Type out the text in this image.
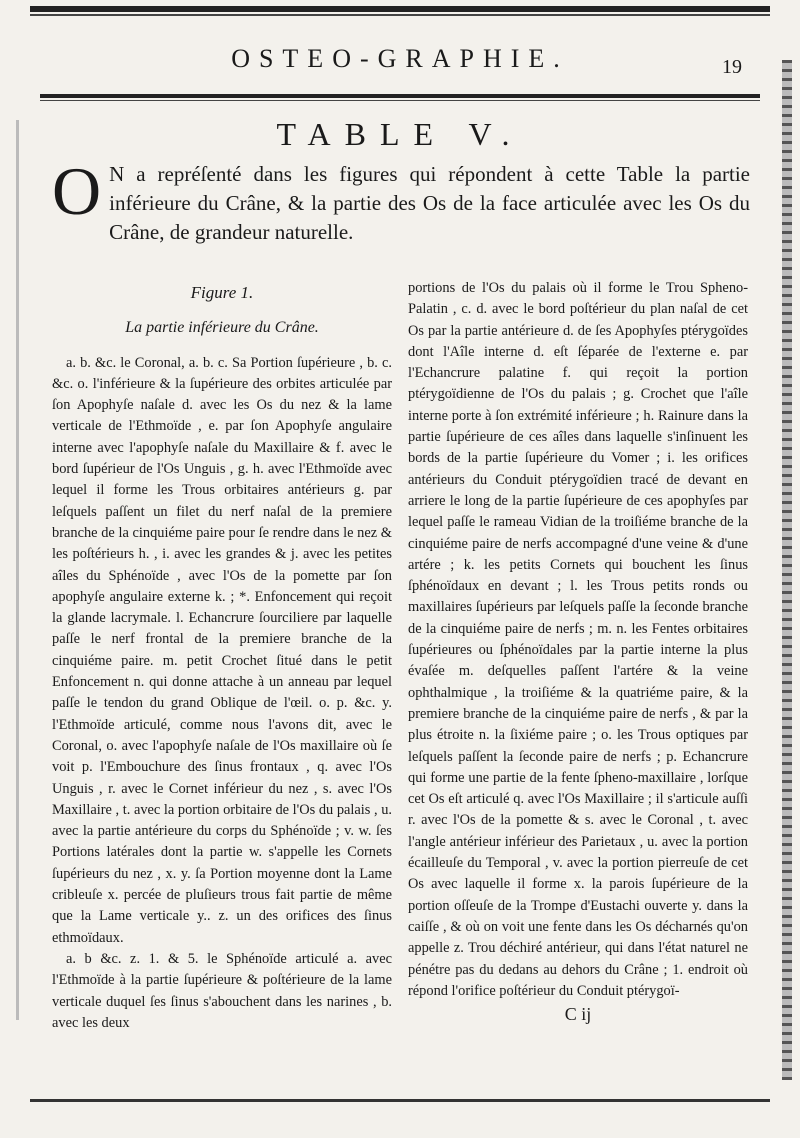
OSTEO-GRAPHIE.	19
TABLE V.
O N a repréſenté dans les figures qui répondent à cette Table la partie inférieure du Crâne, & la partie des Os de la face articulée avec les Os du Crâne, de grandeur naturelle.
Figure 1.
La partie inférieure du Crâne.

a. b. &c. le Coronal, a. b. c. Sa Portion ſupérieure , b. c. &c. o. l'inférieure & la ſupérieure des orbites articulée par ſon Apophyſe naſale d. avec les Os du nez & la lame verticale de l'Ethmoïde , e. par ſon Apophyſe angulaire interne avec l'apophyſe naſale du Maxillaire & f. avec le bord ſupérieur de l'Os Unguis , g. h. avec l'Ethmoïde avec lequel il forme les Trous orbitaires antérieurs g. par leſquels paſſent un filet du nerf naſal de la premiere branche de la cinquiéme paire pour ſe rendre dans le nez & les poſtérieurs h. , i. avec les grandes & j. avec les petites aîles du Sphénoïde , avec l'Os de la pomette par ſon apophyſe angulaire externe k. ; *. Enfoncement qui reçoit la glande lacrymale. l. Echancrure ſourciliere par laquelle paſſe le nerf frontal de la premiere branche de la cinquiéme paire. m. petit Crochet ſitué dans le petit Enfoncement n. qui donne attache à un anneau par lequel paſſe le tendon du grand Oblique de l'œil. o. p. &c. y. l'Ethmoïde articulé, comme nous l'avons dit, avec le Coronal, o. avec l'apophyſe naſale de l'Os maxillaire où ſe voit p. l'Embouchure des ſinus frontaux , q. avec l'Os Unguis , r. avec le Cornet inférieur du nez , s. avec l'Os Maxillaire , t. avec la portion orbitaire de l'Os du palais , u. avec la partie antérieure du corps du Sphénoïde ; v. w. ſes Portions latérales dont la partie w. s'appelle les Cornets ſupérieurs du nez , x. y. ſa Portion moyenne dont la Lame cribleuſe x. percée de pluſieurs trous fait partie de même que la Lame verticale y.. z. un des orifices des ſinus ethmoïdaux.

a. b &c. z. 1. & 5. le Sphénoïde articulé a. avec l'Ethmoïde à la partie ſupérieure & poſtérieure de la lame verticale duquel ſes ſinus s'abouchent dans les narines , b. avec les deux

portions de l'Os du palais où il forme le Trou Spheno-Palatin , c. d. avec le bord poſtérieur du plan naſal de cet Os par la partie antérieure d. de ſes Apophyſes ptérygoïdes dont l'Aîle interne d. eſt ſéparée de l'externe e. par l'Echancrure palatine f. qui reçoit la portion ptérygoïdienne de l'Os du palais ; g. Crochet que l'aîle interne porte à ſon extrémité inférieure ; h. Rainure dans la partie ſupérieure de ces aîles dans laquelle s'inſinuent les bords de la partie ſupérieure du Vomer ; i. les orifices antérieurs du Conduit ptérygoïdien tracé de devant en arriere le long de la partie ſupérieure de ces apophyſes par lequel paſſe le rameau Vidian de la troiſiéme branche de la cinquiéme paire de nerfs accompagné d'une veine & d'une artére ; k. les petits Cornets qui bouchent les ſinus ſphénoïdaux en devant ; l. les Trous petits ronds ou maxillaires ſupérieurs par leſquels paſſe la ſeconde branche de la cinquiéme paire de nerfs ; m. n. les Fentes orbitaires ſupérieures ou ſphénoïdales par la partie interne la plus évaſée m. deſquelles paſſent l'artére & la veine ophthalmique , la troiſiéme & la quatriéme paire, & la premiere branche de la cinquiéme paire de nerfs , & par la plus étroite n. la ſixiéme paire ; o. les Trous optiques par leſquels paſſent la ſeconde paire de nerfs ; p. Echancrure qui forme une partie de la fente ſpheno-maxillaire , lorſque cet Os eſt articulé q. avec l'Os Maxillaire ; il s'articule auſſi r. avec l'Os de la pomette & s. avec le Coronal , t. avec l'angle antérieur inférieur des Parietaux , u. avec la portion écailleuſe du Temporal , v. avec la portion pierreuſe de cet Os avec laquelle il forme x. la parois ſupérieure de la portion oſſeuſe de la Trompe d'Eustachi ouverte y. dans la caiſſe , & où on voit une fente dans les Os décharnés qu'on appelle z. Trou déchiré antérieur, qui dans l'état naturel ne pénétre pas du dedans au dehors du Crâne ; 1. endroit où répond l'orifice poſtérieur du Conduit ptérygoï-

C ij
